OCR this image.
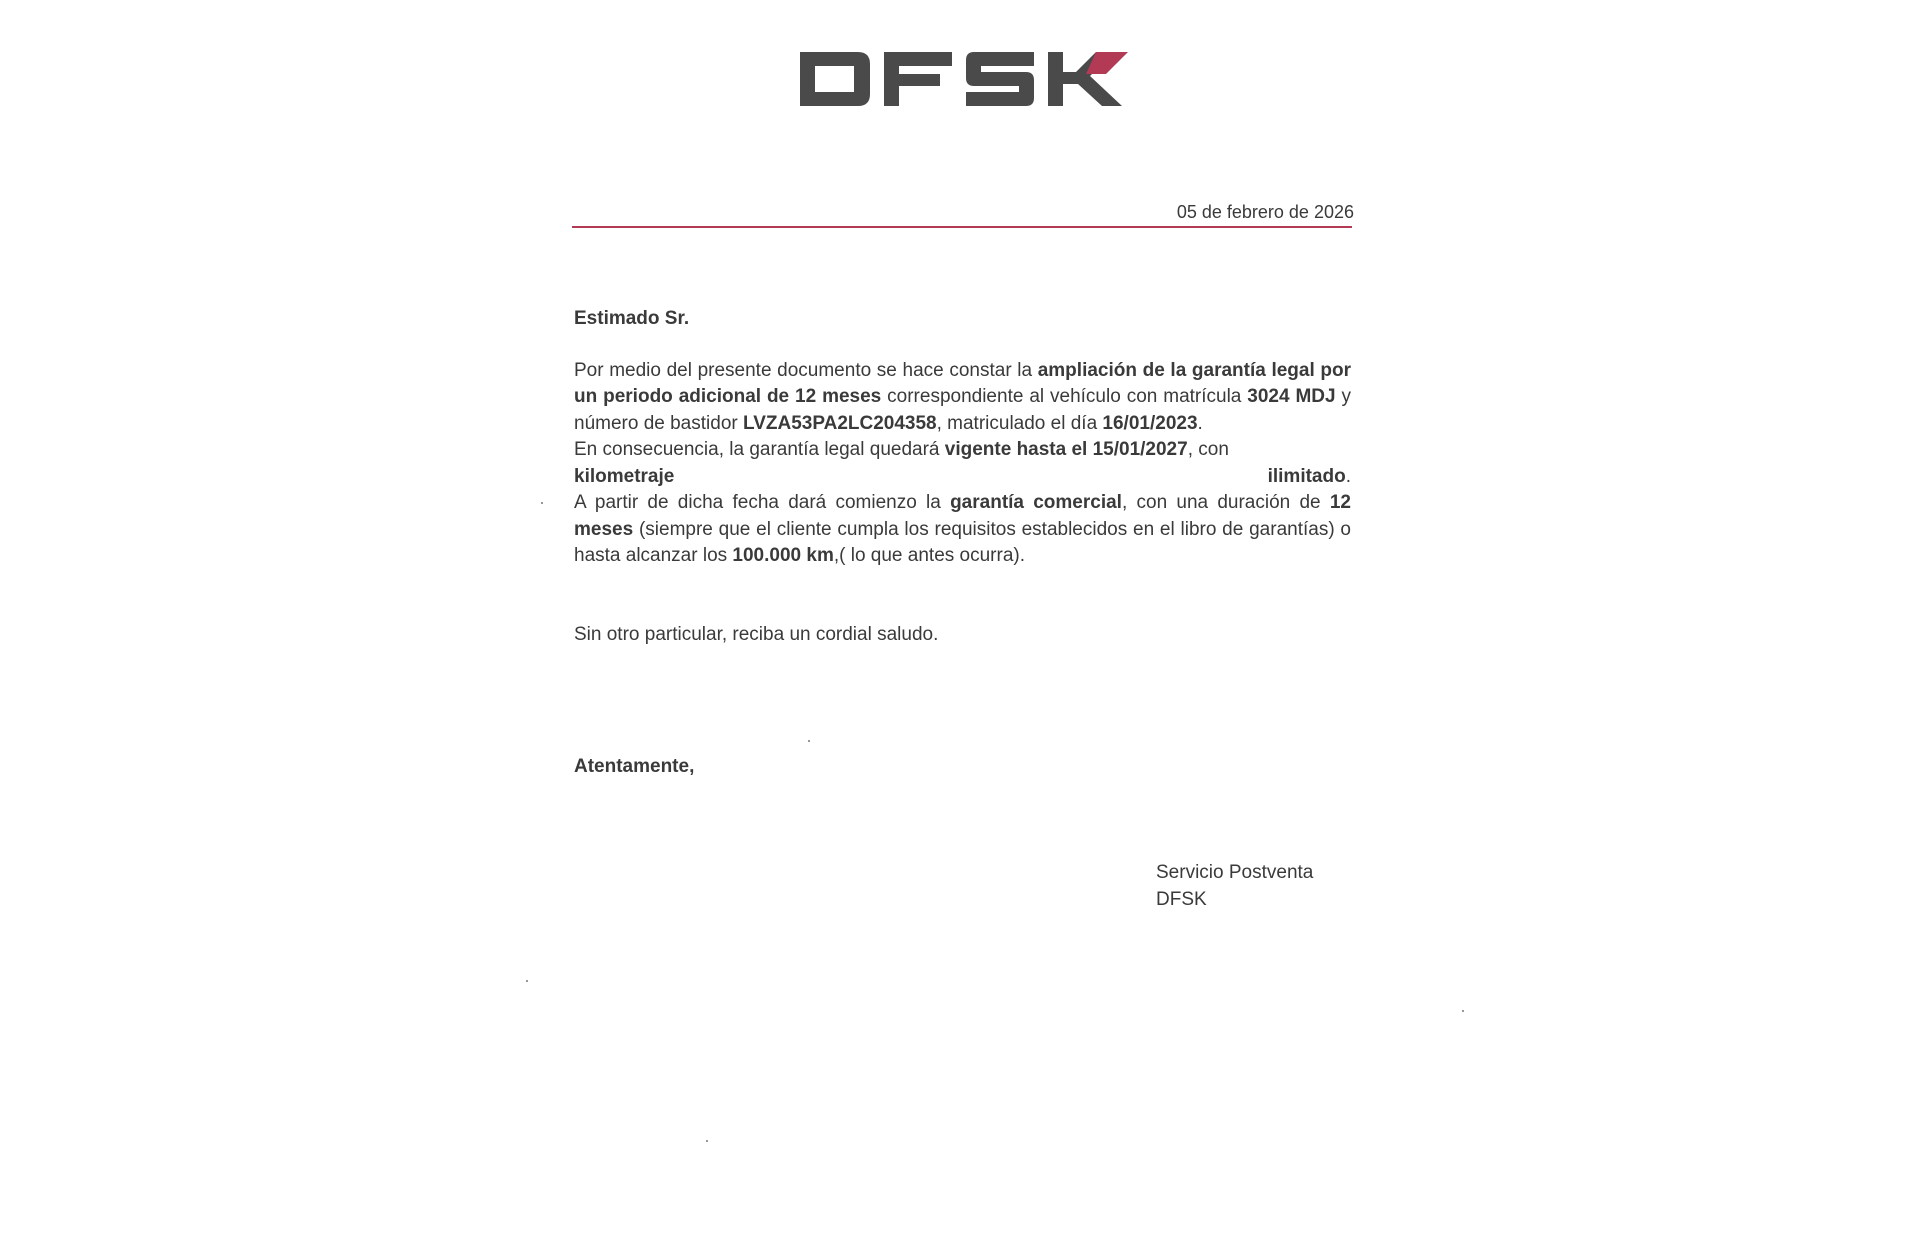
05 de febrero de 2026

Estimado Sr.

Por medio del presente documento se hace constar la ampliación de la garantía legal por un periodo adicional de 12 meses correspondiente al vehículo con matrícula 3024 MDJ y número de bastidor LVZA53PA2LC204358, matriculado el día 16/01/2023.

En consecuencia, la garantía legal quedará vigente hasta el 15/01/2027, con

kilometraje	ilimitado.

A partir de dicha fecha dará comienzo la garantía comercial, con una duración de 12 meses (siempre que el cliente cumpla los requisitos establecidos en el libro de garantías) o hasta alcanzar los 100.000 km,( lo que antes ocurra).

Sin otro particular, reciba un cordial saludo.

Atentamente,
Servicio Postventa
DFSK
